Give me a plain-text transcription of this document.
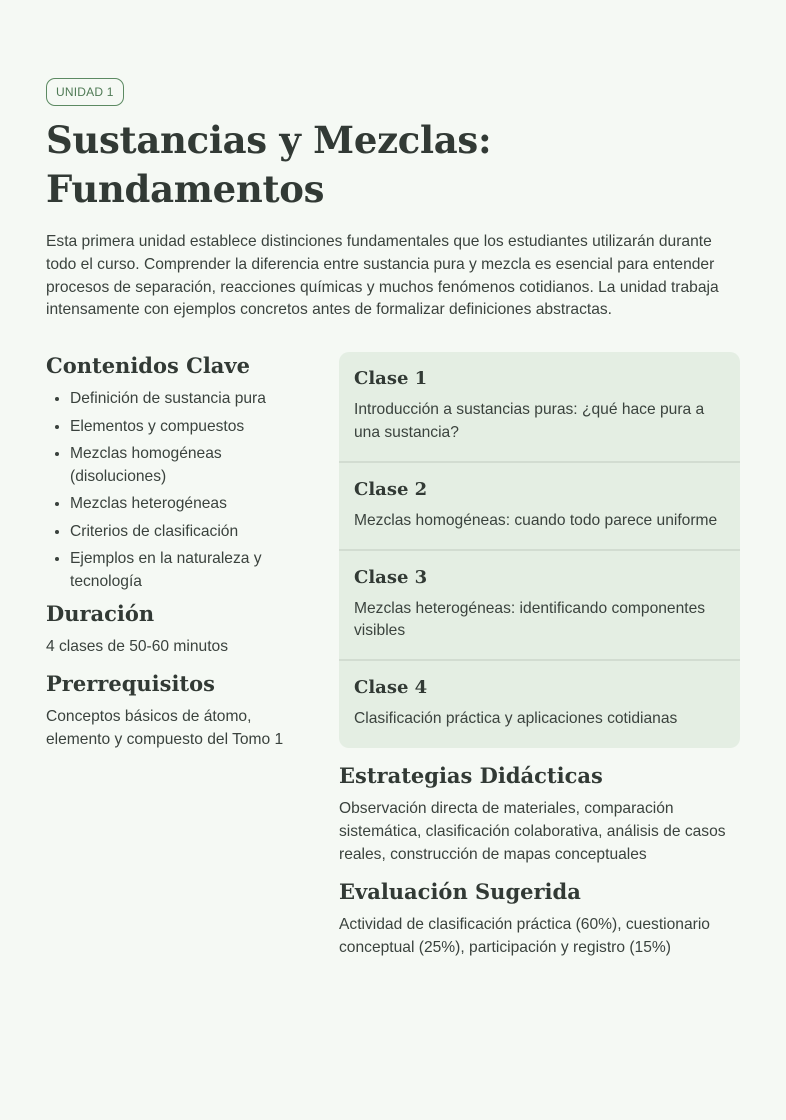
UNIDAD 1
Sustancias y Mezclas:
Fundamentos

Esta primera unidad establece distinciones fundamentales que los estudiantes utilizarán durante todo el curso. Comprender la diferencia entre sustancia pura y mezcla es esencial para entender procesos de separación, reacciones químicas y muchos fenómenos cotidianos. La unidad trabaja intensamente con ejemplos concretos antes de formalizar definiciones abstractas.

Contenidos Clave
• Definición de sustancia pura
• Elementos y compuestos
• Mezclas homogéneas (disoluciones)
• Mezclas heterogéneas
• Criterios de clasificación
• Ejemplos en la naturaleza y tecnología
Duración

4 clases de 50-60 minutos

Prerrequisitos

Conceptos básicos de átomo, elemento y compuesto del Tomo 1

Clase 1

Introducción a sustancias puras: ¿qué hace pura a una sustancia?

Clase 2

Mezclas homogéneas: cuando todo parece uniforme

Clase 3

Mezclas heterogéneas: identificando componentes visibles

Clase 4

Clasificación práctica y aplicaciones cotidianas

Estrategias Didácticas

Observación directa de materiales, comparación sistemática, clasificación colaborativa, análisis de casos reales, construcción de mapas conceptuales

Evaluación Sugerida

Actividad de clasificación práctica (60%), cuestionario conceptual (25%), participación y registro (15%)
